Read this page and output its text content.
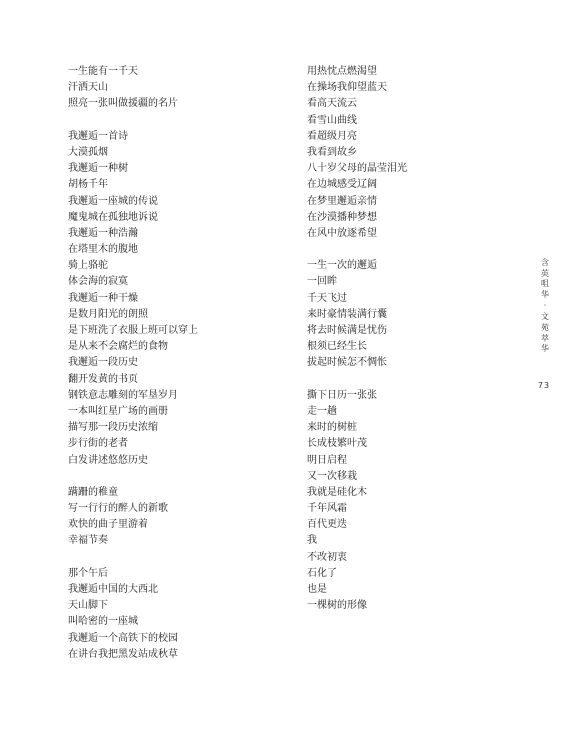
一生能有一千天
汗洒天山
照亮一张叫做援疆的名片
我邂逅一首诗
大漠孤烟
我邂逅一种树
胡杨千年
我邂逅一座城的传说
魔鬼城在孤独地诉说
我邂逅一种浩瀚
在塔里木的腹地
骑上骆驼
体会海的寂寞
我邂逅一种干燥
是数月阳光的朗照
是下班洗了衣服上班可以穿上
是从来不会腐烂的食物
我邂逅一段历史
翻开发黄的书页
钢铁意志雕刻的军垦岁月
一本叫红星广场的画册
描写那一段历史浓缩
步行街的老者
白发讲述悠悠历史
蹒跚的稚童
写一行行的醉人的新歌
欢快的曲子里游着
幸福节奏
那个午后
我邂逅中国的大西北
天山脚下
叫哈密的一座城
我邂逅一个高铁下的校园
在讲台我把黑发站成秋草
用热忱点燃渴望
在操场我仰望蓝天
看高天流云
看雪山曲线
看超级月亮
我看到故乡
八十岁父母的晶莹泪光
在边城感受辽阔
在梦里邂逅亲情
在沙漠播种梦想
在风中放逐希望
一生一次的邂逅
一回眸
千天飞过
来时豪情装满行囊
将去时候满是忧伤
根须已经生长
拔起时候怎不惆怅
撕下日历一张张
走一趟
来时的树桩
长成枝繁叶茂
明日启程
又一次移栽
我就是硅化木
千年风霜
百代更迭
我
不改初衷
石化了
也是
一棵树的形像
含英咀华
·
文苑萃华
73
